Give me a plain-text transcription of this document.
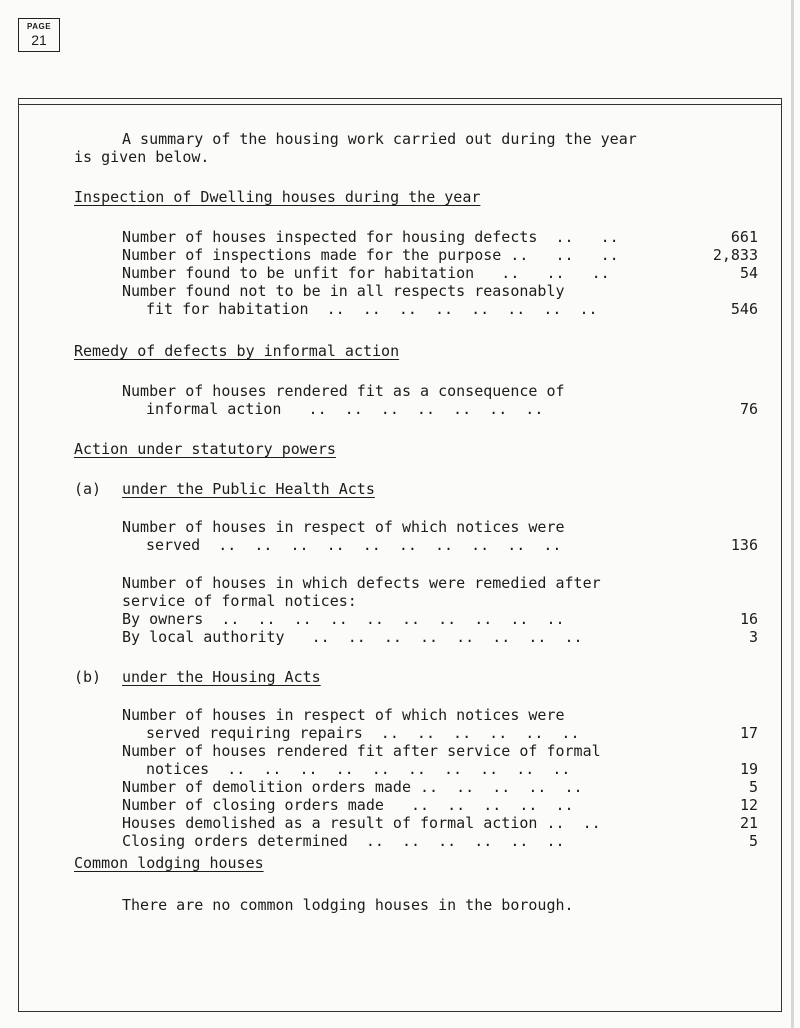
PAGE
21
A summary of the housing work carried out during the year
is given below.
Inspection of Dwelling houses during the year
Number of houses inspected for housing defects  ..   ..	661
Number of inspections made for the purpose ..   ..   ..	2,833
Number found to be unfit for habitation   ..   ..   ..	54
Number found not to be in all respects reasonably
fit for habitation  ..  ..  ..  ..  ..  ..  ..  ..	546
Remedy of defects by informal action
Number of houses rendered fit as a consequence of
informal action   ..  ..  ..  ..  ..  ..  ..	76
Action under statutory powers
(a) under the Public Health Acts
Number of houses in respect of which notices were
served  ..  ..  ..  ..  ..  ..  ..  ..  ..  ..	136
Number of houses in which defects were remedied after
service of formal notices:
By owners  ..  ..  ..  ..  ..  ..  ..  ..  ..  ..	16
By local authority   ..  ..  ..  ..  ..  ..  ..  ..	3
(b) under the Housing Acts
Number of houses in respect of which notices were
served requiring repairs  ..  ..  ..  ..  ..  ..	17
Number of houses rendered fit after service of formal
notices  ..  ..  ..  ..  ..  ..  ..  ..  ..  ..	19
Number of demolition orders made ..  ..  ..  ..  ..	5
Number of closing orders made   ..  ..  ..  ..  ..	12
Houses demolished as a result of formal action ..  ..	21
Closing orders determined  ..  ..  ..  ..  ..  ..	5
Common lodging houses
There are no common lodging houses in the borough.
